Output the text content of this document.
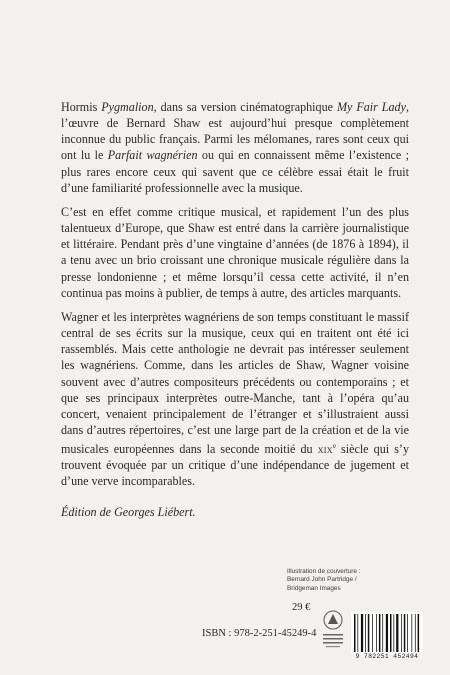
Hormis Pygmalion, dans sa version cinématographique My Fair Lady, l’œuvre de Bernard Shaw est aujourd’hui presque complètement inconnue du public français. Parmi les mélomanes, rares sont ceux qui ont lu le Parfait wagnérien ou qui en connaissent même l’existence ; plus rares encore ceux qui savent que ce célèbre essai était le fruit d’une familiarité professionnelle avec la musique.

C’est en effet comme critique musical, et rapidement l’un des plus talentueux d’Europe, que Shaw est entré dans la carrière journalistique et littéraire. Pendant près d’une vingtaine d’années (de 1876 à 1894), il a tenu avec un brio croissant une chronique musicale régulière dans la presse londonienne ; et même lorsqu’il cessa cette activité, il n’en continua pas moins à publier, de temps à autre, des articles marquants.

Wagner et les interprètes wagnériens de son temps constituant le massif central de ses écrits sur la musique, ceux qui en traitent ont été ici rassemblés. Mais cette anthologie ne devrait pas intéresser seulement les wagnériens. Comme, dans les articles de Shaw, Wagner voisine souvent avec d’autres compositeurs précédents ou contemporains ; et que ses principaux interprètes outre-Manche, tant à l’opéra qu’au concert, venaient principalement de l’étranger et s’illustraient aussi dans d’autres répertoires, c’est une large part de la création et de la vie musicales européennes dans la seconde moitié du xix$^e$ siècle qui s’y trouvent évoquée par un critique d’une indépendance de jugement et d’une verve incomparables.

Édition de Georges Liébert.

Illustration de couverture :
Bernard John Partridge /
Bridgeman Images
29 €
ISBN : 978-2-251-45249-4
9 782251 452494
